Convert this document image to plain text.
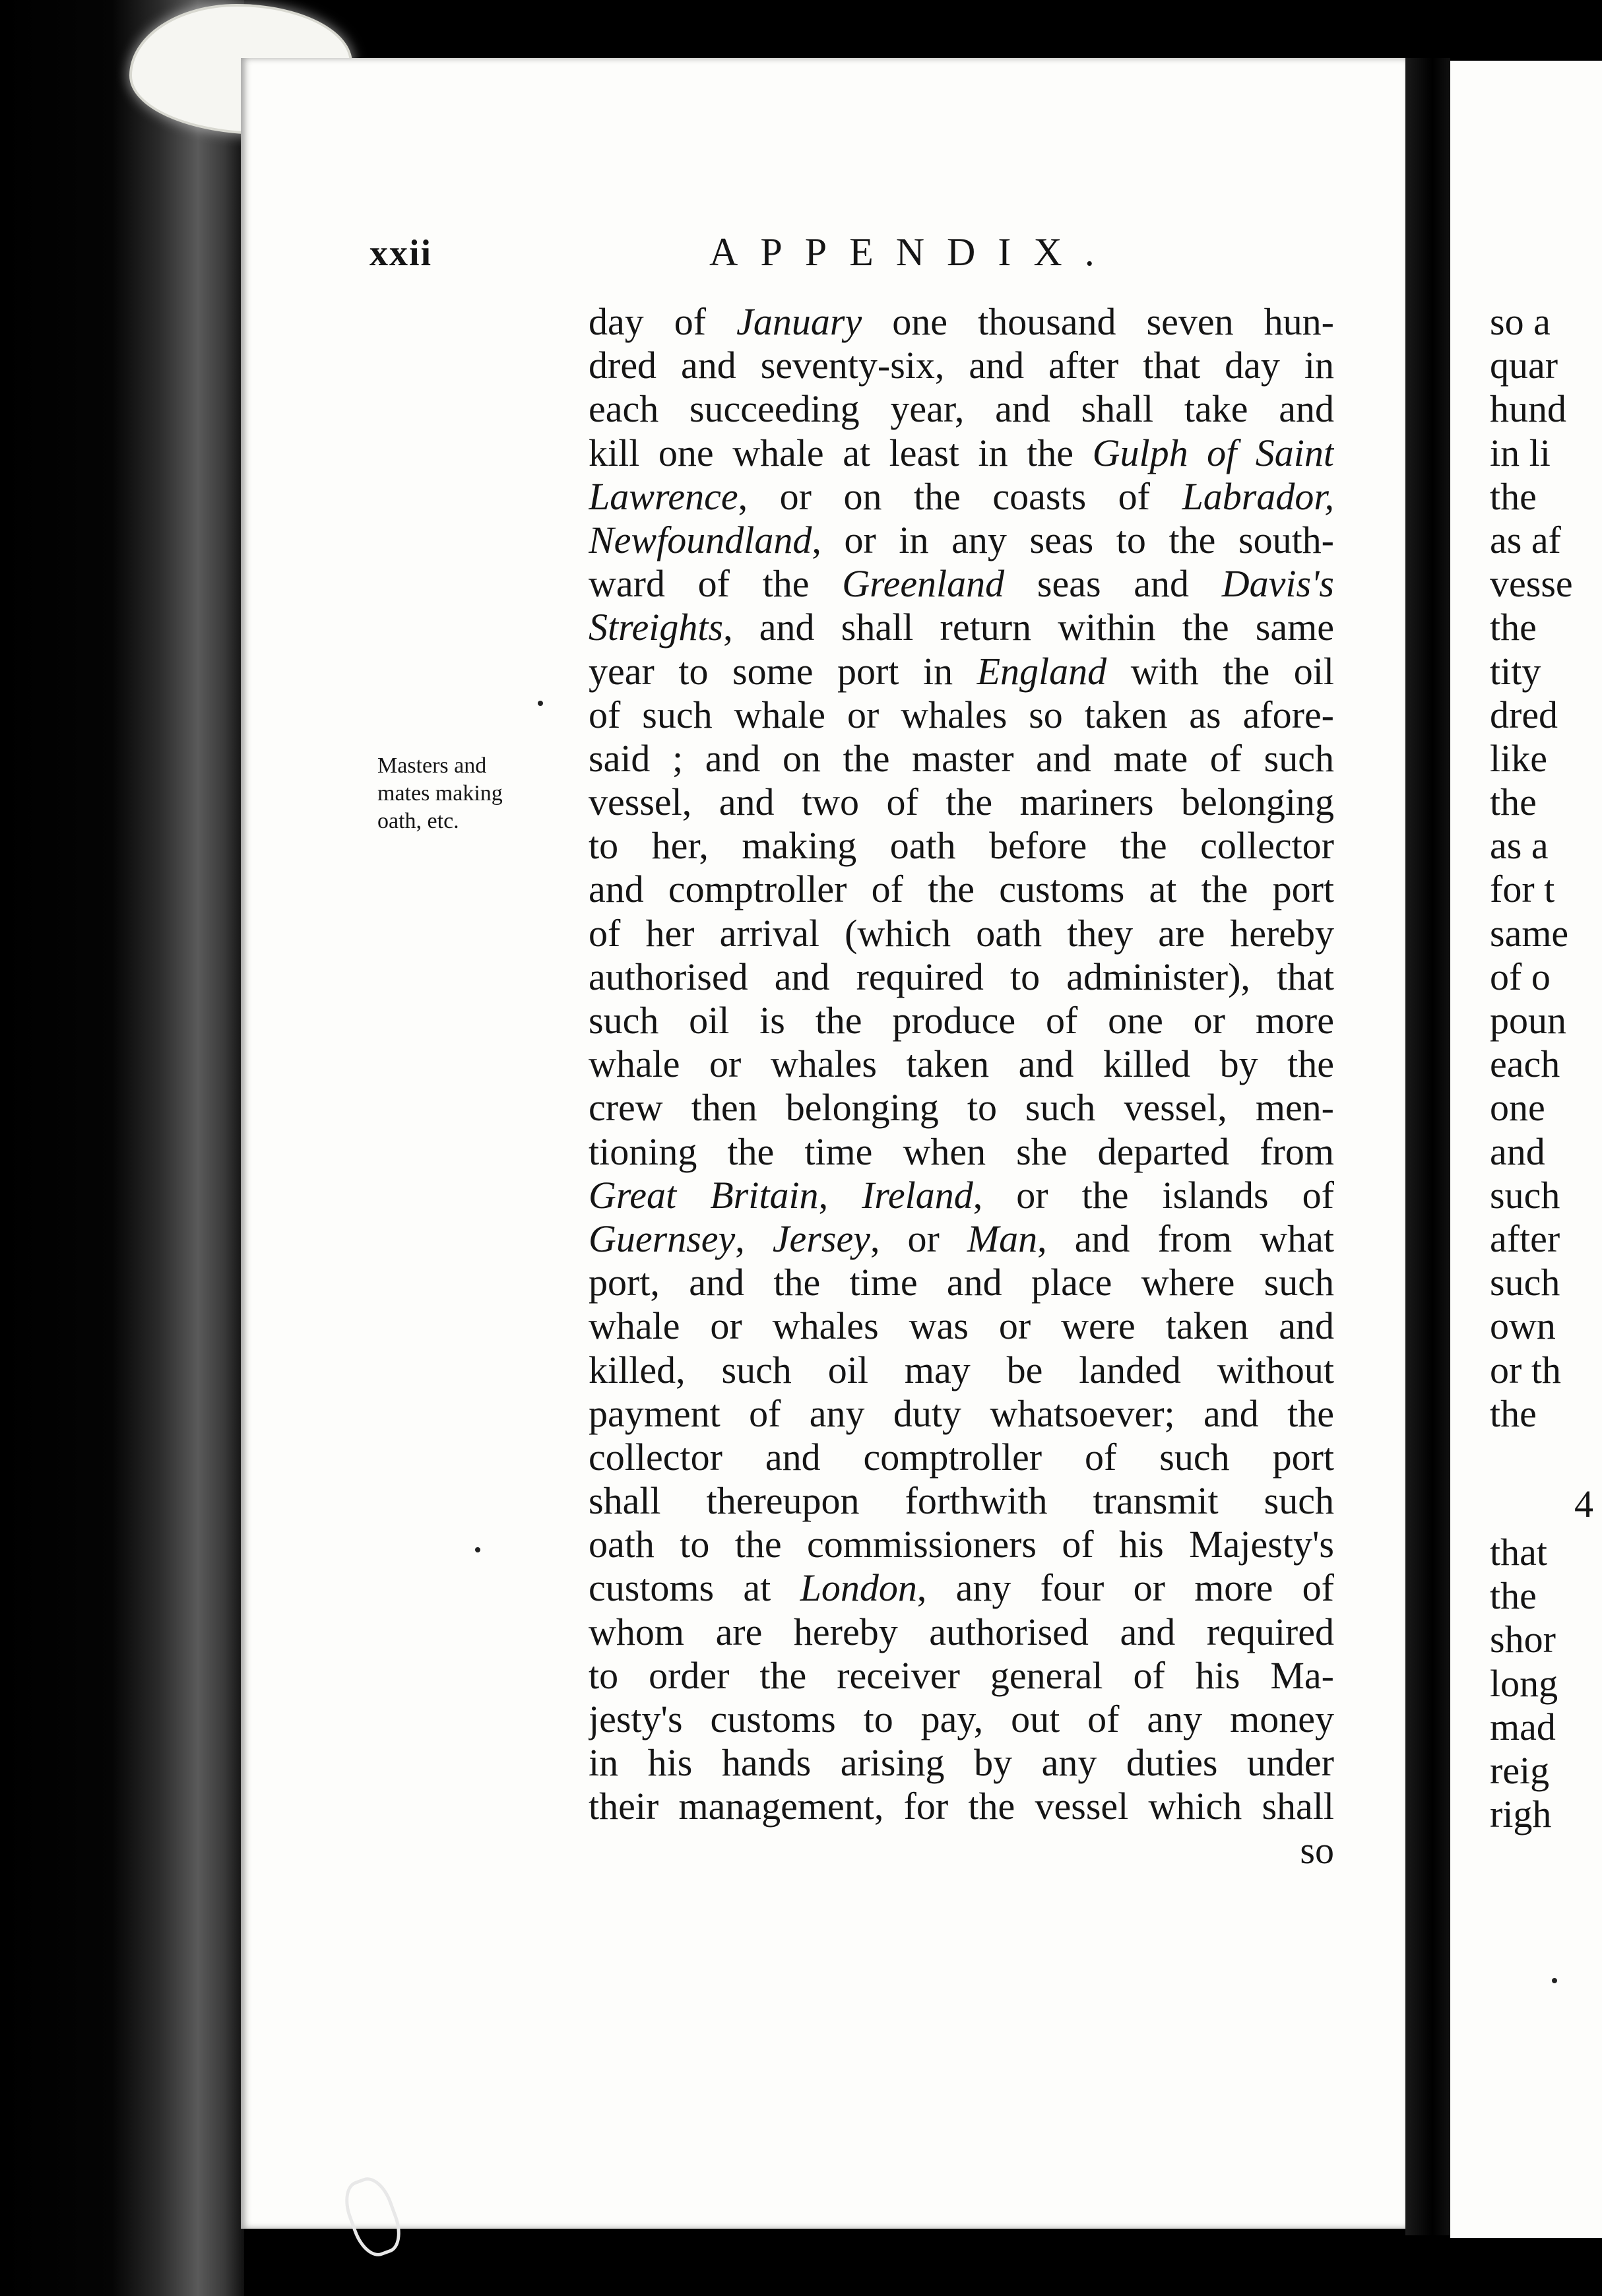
xxii	APPENDIX.
Masters and
mates making
oath, etc.
day of January one thousand seven hun-
dred and seventy-six, and after that day in
each succeeding year, and shall take and
kill one whale at least in the Gulph of Saint
Lawrence, or on the coasts of Labrador,
Newfoundland, or in any seas to the south-
ward of the Greenland seas and Davis's
Streights, and shall return within the same
year to some port in England with the oil
of such whale or whales so taken as afore-
said ; and on the master and mate of such
vessel, and two of the mariners belonging
to her, making oath before the collector
and comptroller of the customs at the port
of her arrival (which oath they are hereby
authorised and required to administer), that
such oil is the produce of one or more
whale or whales taken and killed by the
crew then belonging to such vessel, men-
tioning the time when she departed from
Great Britain, Ireland, or the islands of
Guernsey, Jersey, or Man, and from what
port, and the time and place where such
whale or whales was or were taken and
killed, such oil may be landed without
payment of any duty whatsoever; and the
collector and comptroller of such port
shall thereupon forthwith transmit such
oath to the commissioners of his Majesty's
customs at London, any four or more of
whom are hereby authorised and required
to order the receiver general of his Ma-
jesty's customs to pay, out of any money
in his hands arising by any duties under
their management, for the vessel which shall
so
so a
quar
hund
in li
the
as af
vesse
the
tity
dred
like
the
as a
for t
same
of o
poun
each
one
and
such
after
such
own
or th
the
4
that
the
shor
long
mad
reig
righ
